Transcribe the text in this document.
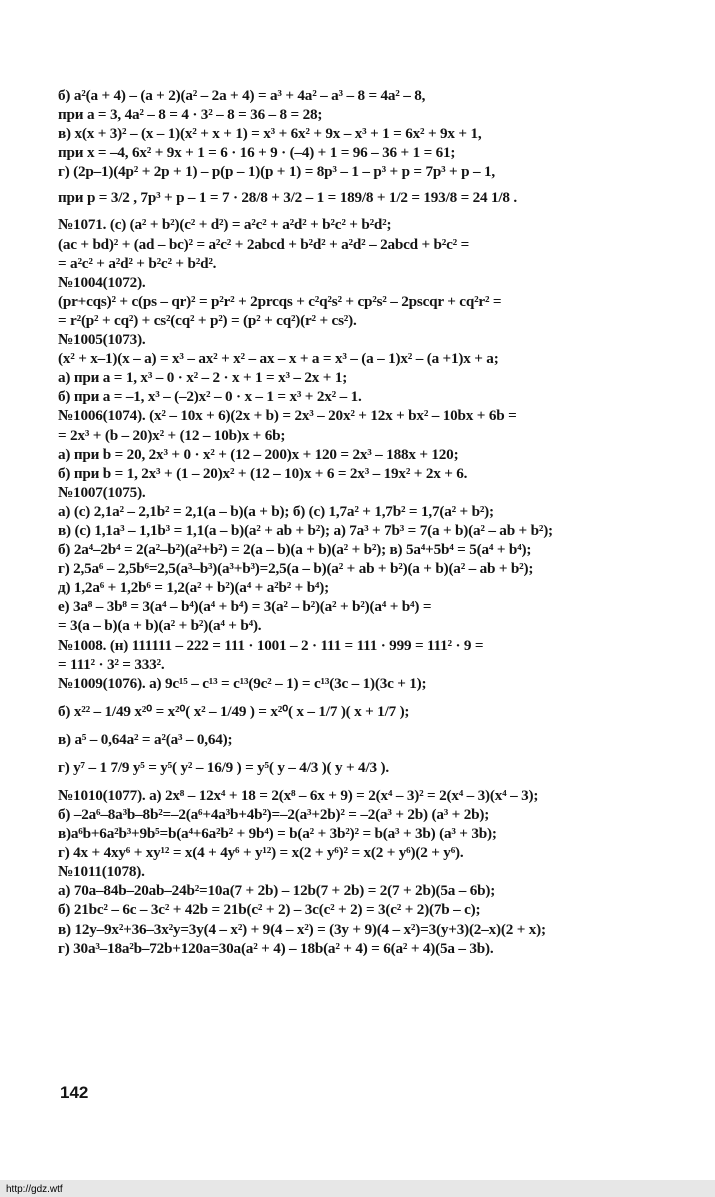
б) a²(a + 4) – (a + 2)(a² – 2a + 4) = a³ + 4a² – a³ – 8 = 4a² – 8,
при a = 3, 4a² – 8 = 4 · 3² – 8 = 36 – 8 = 28;
в) x(x + 3)² – (x – 1)(x² + x + 1) = x³ + 6x² + 9x – x³ + 1 = 6x² + 9x + 1,
при x = –4, 6x² + 9x + 1 = 6 · 16 + 9 · (–4) + 1 = 96 – 36 + 1 = 61;
г) (2p–1)(4p² + 2p + 1) – p(p – 1)(p + 1) = 8p³ – 1 – p³ + p = 7p³ + p – 1,
при p = 3/2 , 7p³ + p – 1 = 7 · 28/8 + 3/2 – 1 = 189/8 + 1/2 = 193/8 = 24 1/8 .
№1071. (с) (a² + b²)(c² + d²) = a²c² + a²d² + b²c² + b²d²;
(ac + bd)² + (ad – bc)² = a²c² + 2abcd + b²d² + a²d² – 2abcd + b²c² =
= a²c² + a²d² + b²c² + b²d².
№1004(1072).
(pr+cqs)² + c(ps – qr)² = p²r² + 2prcqs + c²q²s² + cp²s² – 2pscqr + cq²r² =
= r²(p² + cq²) + cs²(cq² + p²) = (p² + cq²)(r² + cs²).
№1005(1073).
(x² + x–1)(x – a) = x³ – ax² + x² – ax – x + a = x³ – (a – 1)x² – (a +1)x + a;
а) при a = 1, x³ – 0 · x² – 2 · x + 1 = x³ – 2x + 1;
б) при a = –1, x³ – (–2)x² – 0 · x – 1 = x³ + 2x² – 1.
№1006(1074). (x² – 10x + 6)(2x + b) = 2x³ – 20x² + 12x + bx² – 10bx + 6b =
= 2x³ + (b – 20)x² + (12 – 10b)x + 6b;
а) при b = 20, 2x³ + 0 · x² + (12 – 200)x + 120 = 2x³ – 188x + 120;
б) при b = 1, 2x³ + (1 – 20)x² + (12 – 10)x + 6 = 2x³ – 19x² + 2x + 6.
№1007(1075).
а) (с) 2,1a² – 2,1b² = 2,1(a – b)(a + b); б) (с) 1,7a² + 1,7b² = 1,7(a² + b²);
в) (с) 1,1a³ – 1,1b³ = 1,1(a – b)(a² + ab + b²); а) 7a³ + 7b³ = 7(a + b)(a² – ab + b²);
б) 2a⁴–2b⁴ = 2(a²–b²)(a²+b²) = 2(a – b)(a + b)(a² + b²); в) 5a⁴+5b⁴ = 5(a⁴ + b⁴);
г) 2,5a⁶ – 2,5b⁶=2,5(a³–b³)(a³+b³)=2,5(a – b)(a² + ab + b²)(a + b)(a² – ab + b²);
д) 1,2a⁶ + 1,2b⁶ = 1,2(a² + b²)(a⁴ + a²b² + b⁴);
е) 3a⁸ – 3b⁸ = 3(a⁴ – b⁴)(a⁴ + b⁴) = 3(a² – b²)(a² + b²)(a⁴ + b⁴) =
= 3(a – b)(a + b)(a² + b²)(a⁴ + b⁴).
№1008. (н) 111111 – 222 = 111 · 1001 – 2 · 111 = 111 · 999 = 111² · 9 =
= 111² · 3² = 333².
№1009(1076). а) 9c¹⁵ – c¹³ = c¹³(9c² – 1) = c¹³(3c – 1)(3c + 1);
б) x²² – 1/49 x²⁰ = x²⁰( x² – 1/49 ) = x²⁰( x – 1/7 )( x + 1/7 );
в) a⁵ – 0,64a² = a²(a³ – 0,64);
г) y⁷ – 1 7/9 y⁵ = y⁵( y² – 16/9 ) = y⁵( y – 4/3 )( y + 4/3 ).
№1010(1077). а) 2x⁸ – 12x⁴ + 18 = 2(x⁸ – 6x + 9) = 2(x⁴ – 3)² = 2(x⁴ – 3)(x⁴ – 3);
б) –2a⁶–8a³b–8b²=–2(a⁶+4a³b+4b²)=–2(a³+2b)² = –2(a³ + 2b) (a³ + 2b);
в)a⁶b+6a²b³+9b⁵=b(a⁴+6a²b² + 9b⁴) = b(a² + 3b²)² = b(a³ + 3b) (a³ + 3b);
г) 4x + 4xy⁶ + xy¹² = x(4 + 4y⁶ + y¹²) = x(2 + y⁶)² = x(2 + y⁶)(2 + y⁶).
№1011(1078).
а) 70a–84b–20ab–24b²=10a(7 + 2b) – 12b(7 + 2b) = 2(7 + 2b)(5a – 6b);
б) 21bc² – 6c – 3c² + 42b = 21b(c² + 2) – 3c(c² + 2) = 3(c² + 2)(7b – c);
в) 12y–9x²+36–3x²y=3y(4 – x²) + 9(4 – x²) = (3y + 9)(4 – x²)=3(y+3)(2–x)(2 + x);
г) 30a³–18a²b–72b+120a=30a(a² + 4) – 18b(a² + 4) = 6(a² + 4)(5a – 3b).
142
http://gdz.wtf
